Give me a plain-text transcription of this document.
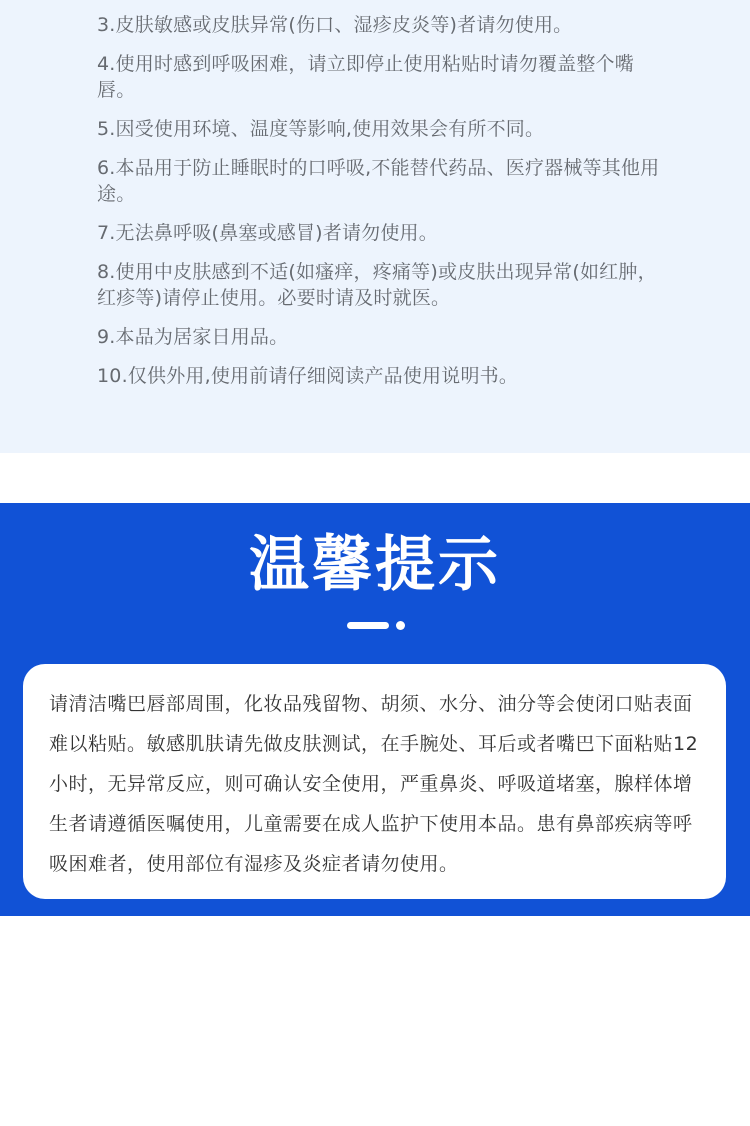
3.皮肤敏感或皮肤异常(伤口、湿疹皮炎等)者请勿使用。
4.使用时感到呼吸困难，请立即停止使用粘贴时请勿覆盖整个嘴唇。
5.因受使用环境、温度等影响,使用效果会有所不同。
6.本品用于防止睡眠时的口呼吸,不能替代药品、医疗器械等其他用途。
7.无法鼻呼吸(鼻塞或感冒)者请勿使用。
8.使用中皮肤感到不适(如瘙痒，疼痛等)或皮肤出现异常(如红肿，红疹等)请停止使用。必要时请及时就医。
9.本品为居家日用品。
10.仅供外用,使用前请仔细阅读产品使用说明书。
温馨提示

请清洁嘴巴唇部周围，化妆品残留物、胡须、水分、油分等会使闭口贴表面难以粘贴。敏感肌肤请先做皮肤测试，在手腕处、耳后或者嘴巴下面粘贴12小时，无异常反应，则可确认安全使用，严重鼻炎、呼吸道堵塞，腺样体增生者请遵循医嘱使用，儿童需要在成人监护下使用本品。患有鼻部疾病等呼吸困难者，使用部位有湿疹及炎症者请勿使用。
